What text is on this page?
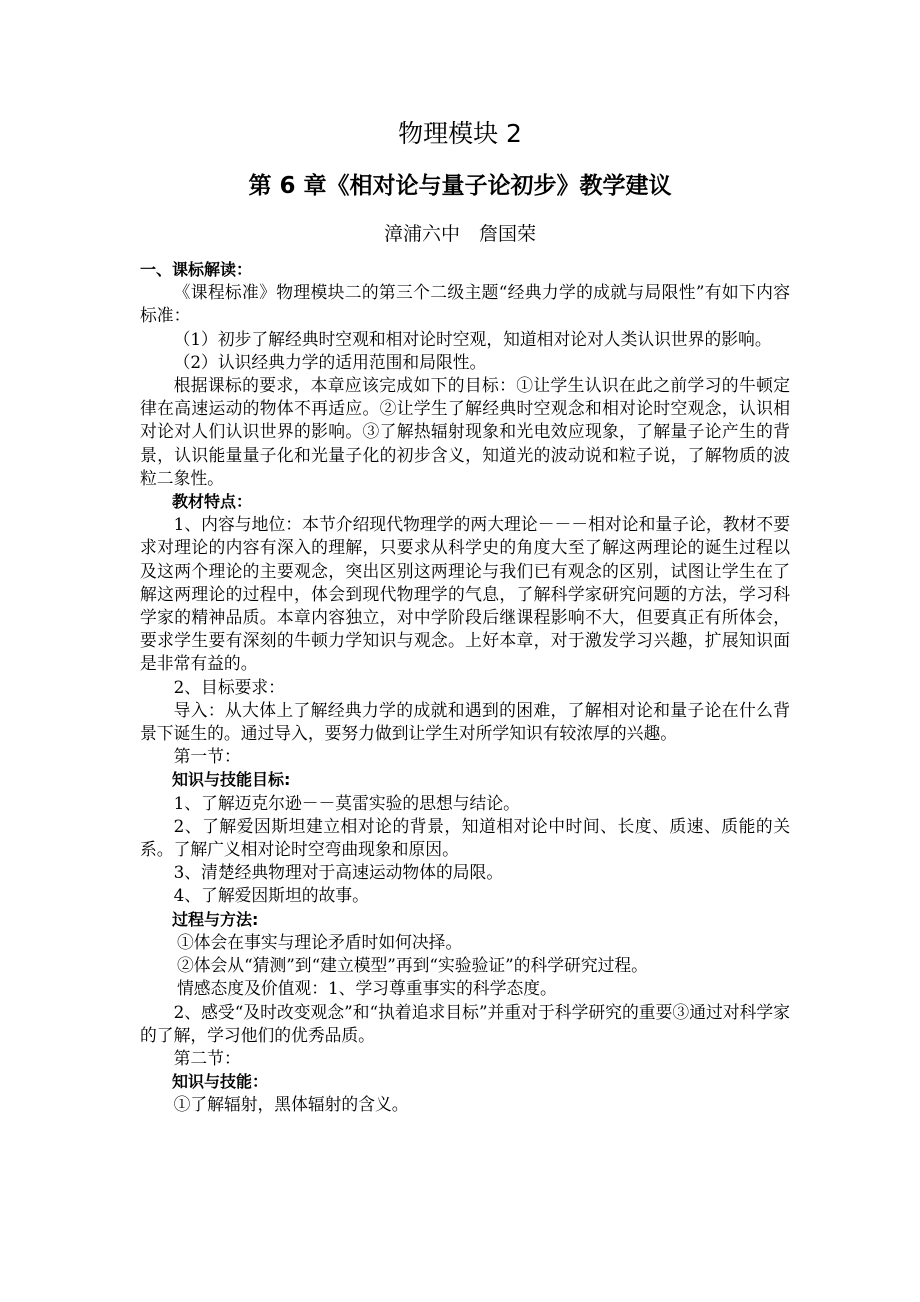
物理模块 2
第 6 章《相对论与量子论初步》教学建议
漳浦六中　詹国荣

一、课标解读：

《课程标准》物理模块二的第三个二级主题“经典力学的成就与局限性”有如下内容标准：

（1）初步了解经典时空观和相对论时空观，知道相对论对人类认识世界的影响。

（2）认识经典力学的适用范围和局限性。

根据课标的要求，本章应该完成如下的目标：①让学生认识在此之前学习的牛顿定律在高速运动的物体不再适应。②让学生了解经典时空观念和相对论时空观念，认识相对论对人们认识世界的影响。③了解热辐射现象和光电效应现象，了解量子论产生的背景，认识能量量子化和光量子化的初步含义，知道光的波动说和粒子说，了解物质的波粒二象性。

教材特点：

1、内容与地位：本节介绍现代物理学的两大理论－－－相对论和量子论，教材不要求对理论的内容有深入的理解，只要求从科学史的角度大至了解这两理论的诞生过程以及这两个理论的主要观念，突出区别这两理论与我们已有观念的区别，试图让学生在了解这两理论的过程中，体会到现代物理学的气息，了解科学家研究问题的方法，学习科学家的精神品质。本章内容独立，对中学阶段后继课程影响不大，但要真正有所体会，要求学生要有深刻的牛顿力学知识与观念。上好本章，对于激发学习兴趣，扩展知识面是非常有益的。

2、目标要求：

导入：从大体上了解经典力学的成就和遇到的困难，了解相对论和量子论在什么背景下诞生的。通过导入，要努力做到让学生对所学知识有较浓厚的兴趣。

第一节：

知识与技能目标:

1、了解迈克尔逊－－莫雷实验的思想与结论。

2、了解爱因斯坦建立相对论的背景，知道相对论中时间、长度、质速、质能的关系。了解广义相对论时空弯曲现象和原因。

3、清楚经典物理对于高速运动物体的局限。

4、了解爱因斯坦的故事。

过程与方法:

①体会在事实与理论矛盾时如何决择。

②体会从“猜测”到“建立模型”再到“实验验证”的科学研究过程。

情感态度及价值观：1、学习尊重事实的科学态度。

2、感受“及时改变观念”和“执着追求目标”并重对于科学研究的重要③通过对科学家的了解，学习他们的优秀品质。

第二节：

知识与技能：

①了解辐射，黑体辐射的含义。
